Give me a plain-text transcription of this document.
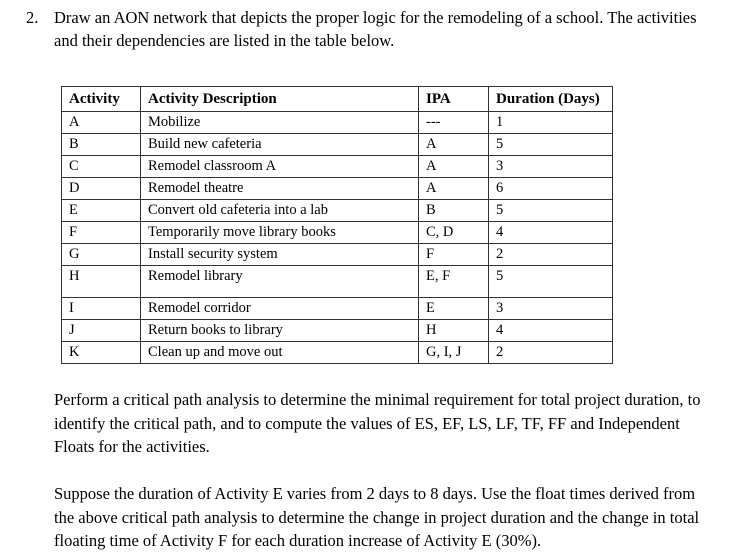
2. Draw an AON network that depicts the proper logic for the remodeling of a school. The activities and their dependencies are listed in the table below.
Activity	Activity Description	IPA	Duration (Days)
A	Mobilize	---	1
B	Build new cafeteria	A	5
C	Remodel classroom A	A	3
D	Remodel theatre	A	6
E	Convert old cafeteria into a lab	B	5
F	Temporarily move library books	C, D	4
G	Install security system	F	2
H	Remodel library	E, F	5
I	Remodel corridor	E	3
J	Return books to library	H	4
K	Clean up and move out	G, I, J	2
Perform a critical path analysis to determine the minimal requirement for total project duration, to identify the critical path, and to compute the values of ES, EF, LS, LF, TF, FF and Independent Floats for the activities.
Suppose the duration of Activity E varies from 2 days to 8 days. Use the float times derived from the above critical path analysis to determine the change in project duration and the change in total floating time of Activity F for each duration increase of Activity E (30%).
